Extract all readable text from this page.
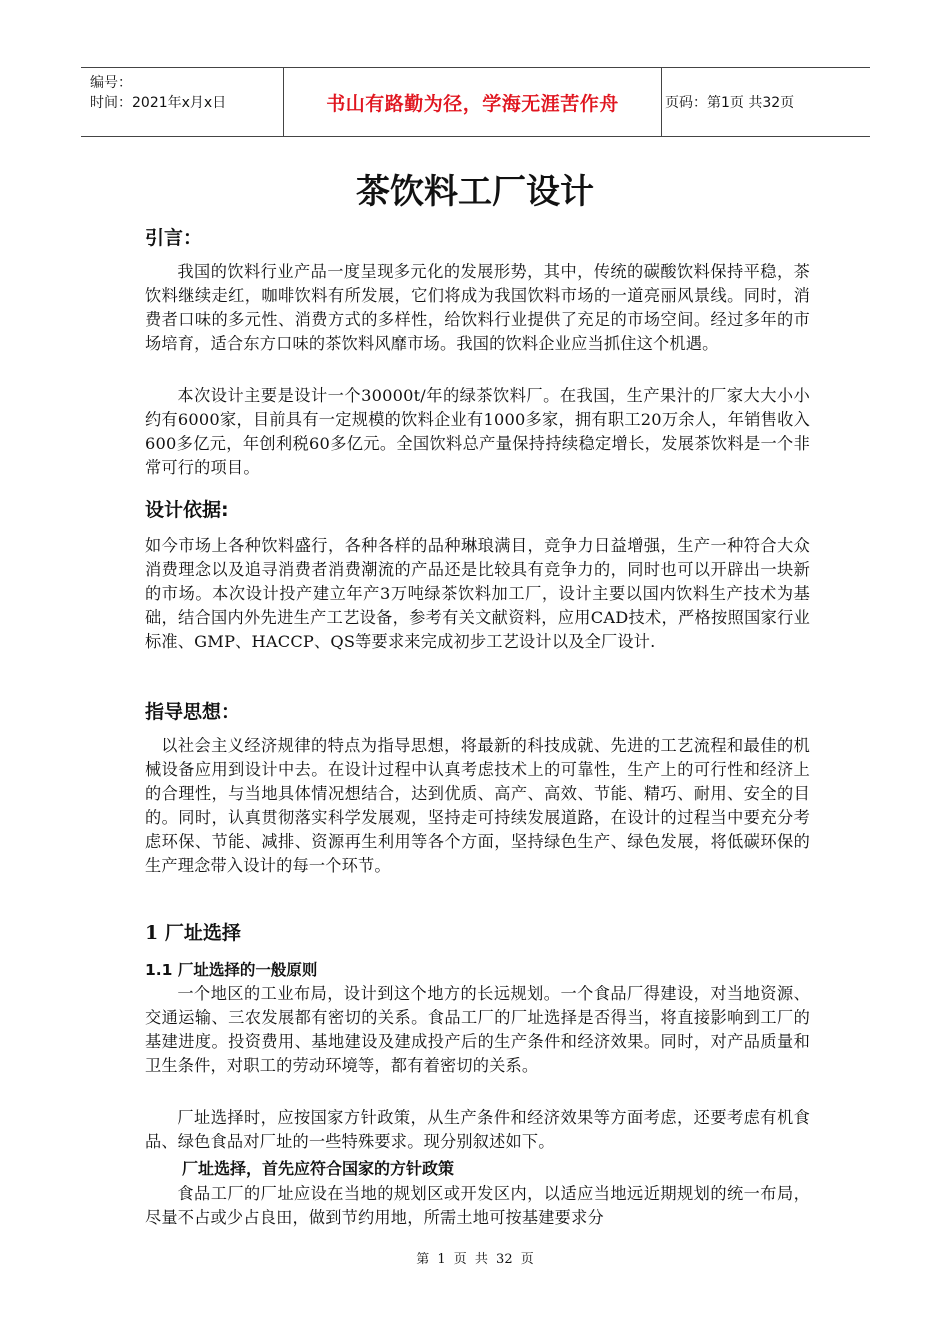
编号：
时间：2021年x月x日	书山有路勤为径，学海无涯苦作舟	页码：第1页 共32页
茶饮料工厂设计
引言：

我国的饮料行业产品一度呈现多元化的发展形势，其中，传统的碳酸饮料保持平稳，茶饮料继续走红，咖啡饮料有所发展，它们将成为我国饮料市场的一道亮丽风景线。同时，消费者口味的多元性、消费方式的多样性，给饮料行业提供了充足的市场空间。经过多年的市场培育，适合东方口味的茶饮料风靡市场。我国的饮料企业应当抓住这个机遇。

本次设计主要是设计一个30000t/年的绿茶饮料厂。在我国，生产果汁的厂家大大小小约有6000家，目前具有一定规模的饮料企业有1000多家，拥有职工20万余人，年销售收入600多亿元，年创利税60多亿元。全国饮料总产量保持持续稳定增长，发展茶饮料是一个非常可行的项目。

设计依据:

如今市场上各种饮料盛行，各种各样的品种琳琅满目，竞争力日益增强，生产一种符合大众消费理念以及追寻消费者消费潮流的产品还是比较具有竞争力的，同时也可以开辟出一块新的市场。本次设计投产建立年产3万吨绿茶饮料加工厂，设计主要以国内饮料生产技术为基础，结合国内外先进生产工艺设备，参考有关文献资料，应用CAD技术，严格按照国家行业标准、GMP、HACCP、QS等要求来完成初步工艺设计以及全厂设计.

指导思想：

以社会主义经济规律的特点为指导思想，将最新的科技成就、先进的工艺流程和最佳的机械设备应用到设计中去。在设计过程中认真考虑技术上的可靠性，生产上的可行性和经济上的合理性，与当地具体情况想结合，达到优质、高产、高效、节能、精巧、耐用、安全的目的。同时，认真贯彻落实科学发展观，坚持走可持续发展道路，在设计的过程当中要充分考虑环保、节能、减排、资源再生利用等各个方面，坚持绿色生产、绿色发展，将低碳环保的生产理念带入设计的每一个环节。

1 厂址选择
1.1 厂址选择的一般原则

一个地区的工业布局，设计到这个地方的长远规划。一个食品厂得建设，对当地资源、交通运输、三农发展都有密切的关系。食品工厂的厂址选择是否得当，将直接影响到工厂的基建进度。投资费用、基地建设及建成投产后的生产条件和经济效果。同时，对产品质量和卫生条件，对职工的劳动环境等，都有着密切的关系。

厂址选择时，应按国家方针政策，从生产条件和经济效果等方面考虑，还要考虑有机食品、绿色食品对厂址的一些特殊要求。现分别叙述如下。

厂址选择，首先应符合国家的方针政策

食品工厂的厂址应设在当地的规划区或开发区内，以适应当地远近期规划的统一布局，尽量不占或少占良田，做到节约用地，所需土地可按基建要求分

第 1 页 共 32 页
